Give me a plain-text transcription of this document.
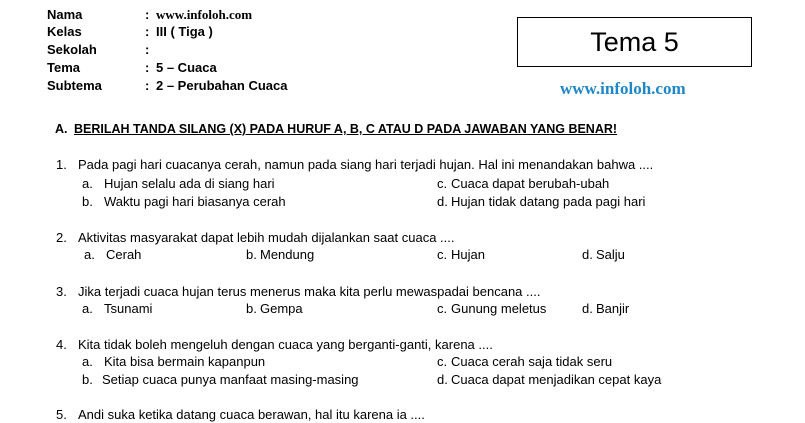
Nama	: www.infoloh.com
Kelas	: III ( Tiga )
Sekolah	:
Tema	: 5 – Cuaca
Subtema	: 2 – Perubahan Cuaca
Tema 5
www.infoloh.com
A. BERILAH TANDA SILANG (X) PADA HURUF A, B, C ATAU D PADA JAWABAN YANG BENAR!
1. Pada pagi hari cuacanya cerah, namun pada siang hari terjadi hujan. Hal ini menandakan bahwa ....
a. Hujan selalu ada di siang hari	c. Cuaca dapat berubah-ubah
b. Waktu pagi hari biasanya cerah	d. Hujan tidak datang pada pagi hari
2. Aktivitas masyarakat dapat lebih mudah dijalankan saat cuaca ....
a. Cerah	b. Mendung	c. Hujan	d. Salju
3. Jika terjadi cuaca hujan terus menerus maka kita perlu mewaspadai bencana ....
a. Tsunami	b. Gempa	c. Gunung meletus	d. Banjir
4. Kita tidak boleh mengeluh dengan cuaca yang berganti-ganti, karena ....
a. Kita bisa bermain kapanpun	c. Cuaca cerah saja tidak seru
b. Setiap cuaca punya manfaat masing-masing	d. Cuaca dapat menjadikan cepat kaya
5. Andi suka ketika datang cuaca berawan, hal itu karena ia ....
